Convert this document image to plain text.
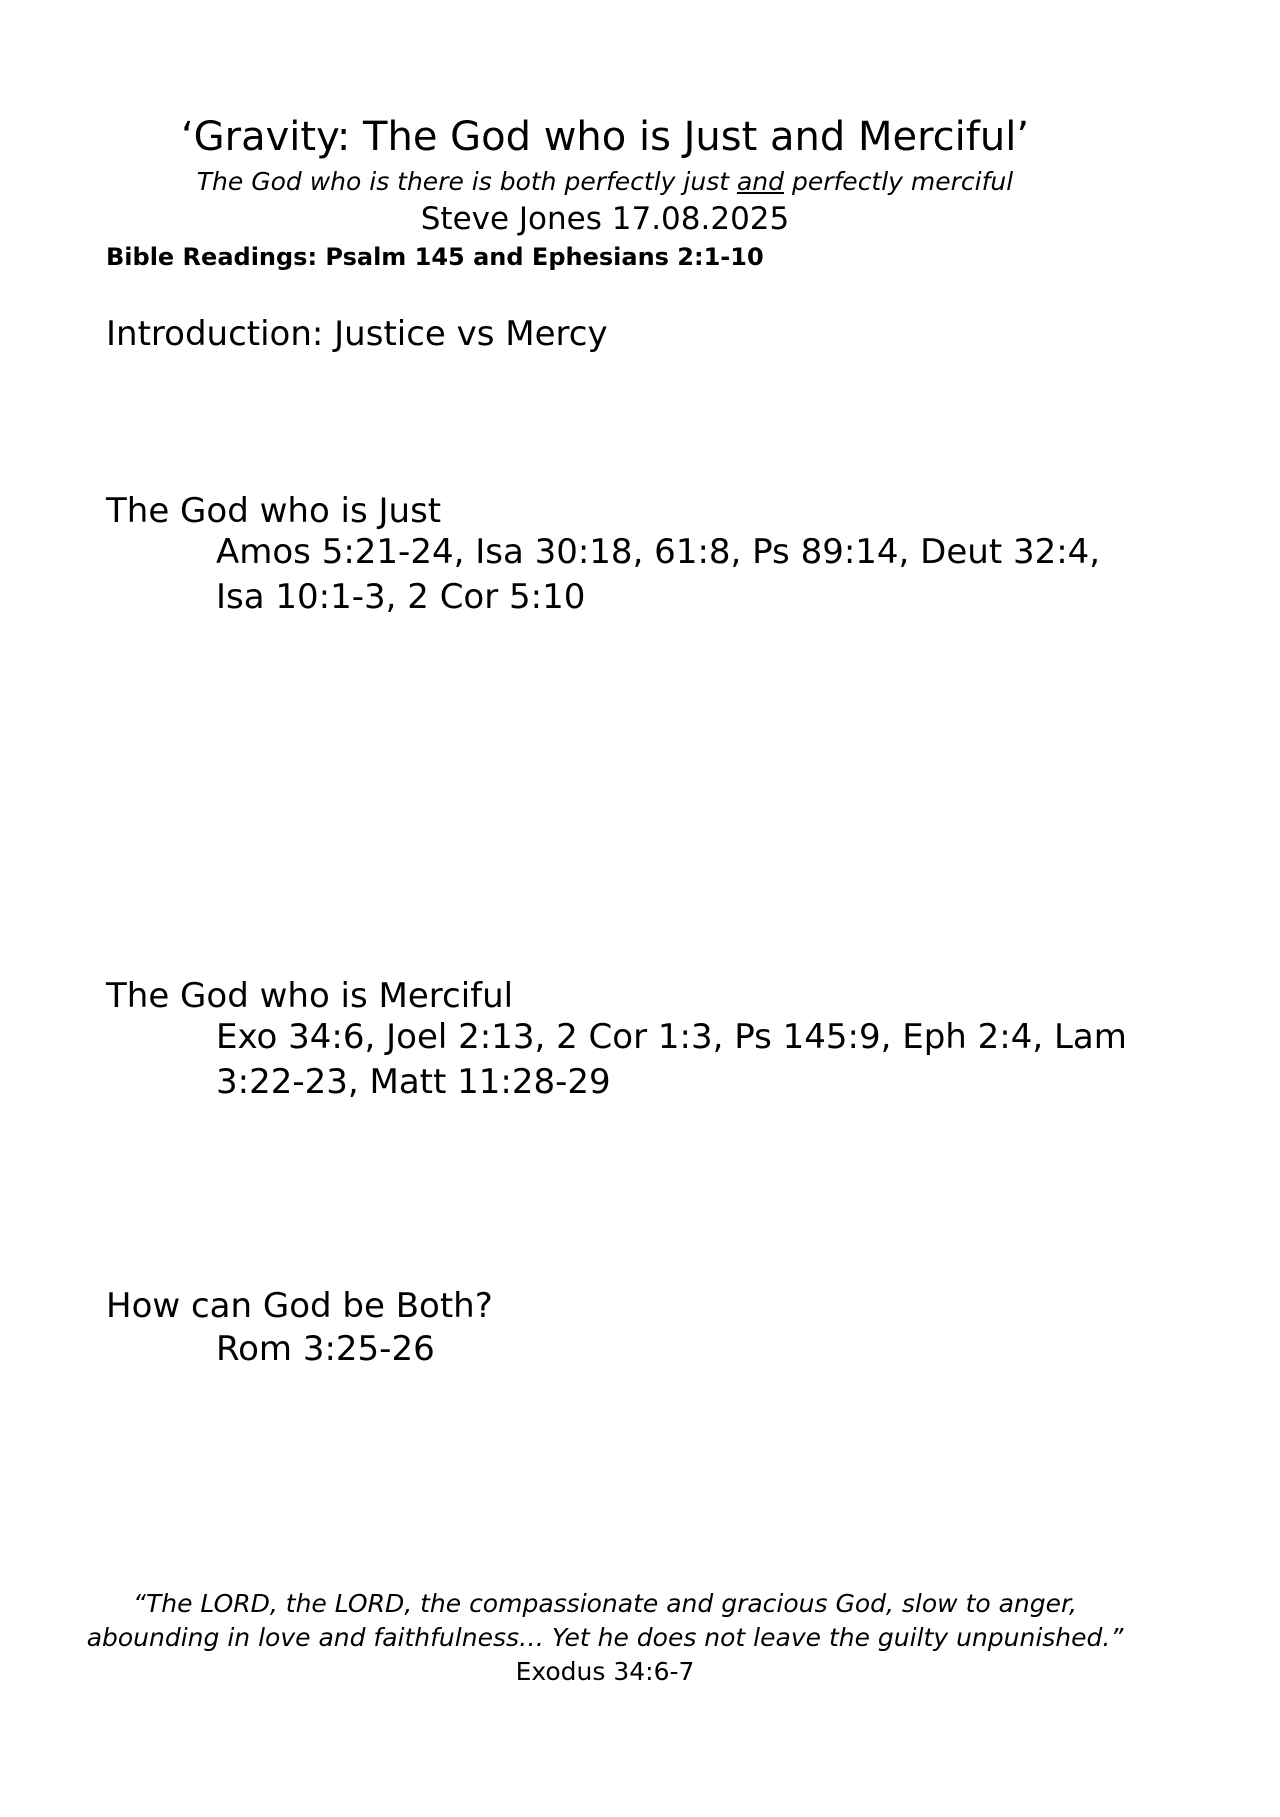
‘Gravity: The God who is Just and Merciful’
The God who is there is both perfectly just and perfectly merciful
Steve Jones 17.08.2025
Bible Readings: Psalm 145 and Ephesians 2:1-10
Introduction: Justice vs Mercy
The God who is Just
Amos 5:21-24, Isa 30:18, 61:8, Ps 89:14, Deut 32:4, Isa 10:1-3, 2 Cor 5:10
The God who is Merciful
Exo 34:6, Joel 2:13, 2 Cor 1:3, Ps 145:9, Eph 2:4, Lam 3:22-23, Matt 11:28-29
How can God be Both?
Rom 3:25-26
“The LORD, the LORD, the compassionate and gracious God, slow to anger,
abounding in love and faithfulness… Yet he does not leave the guilty unpunished.”
Exodus 34:6-7
